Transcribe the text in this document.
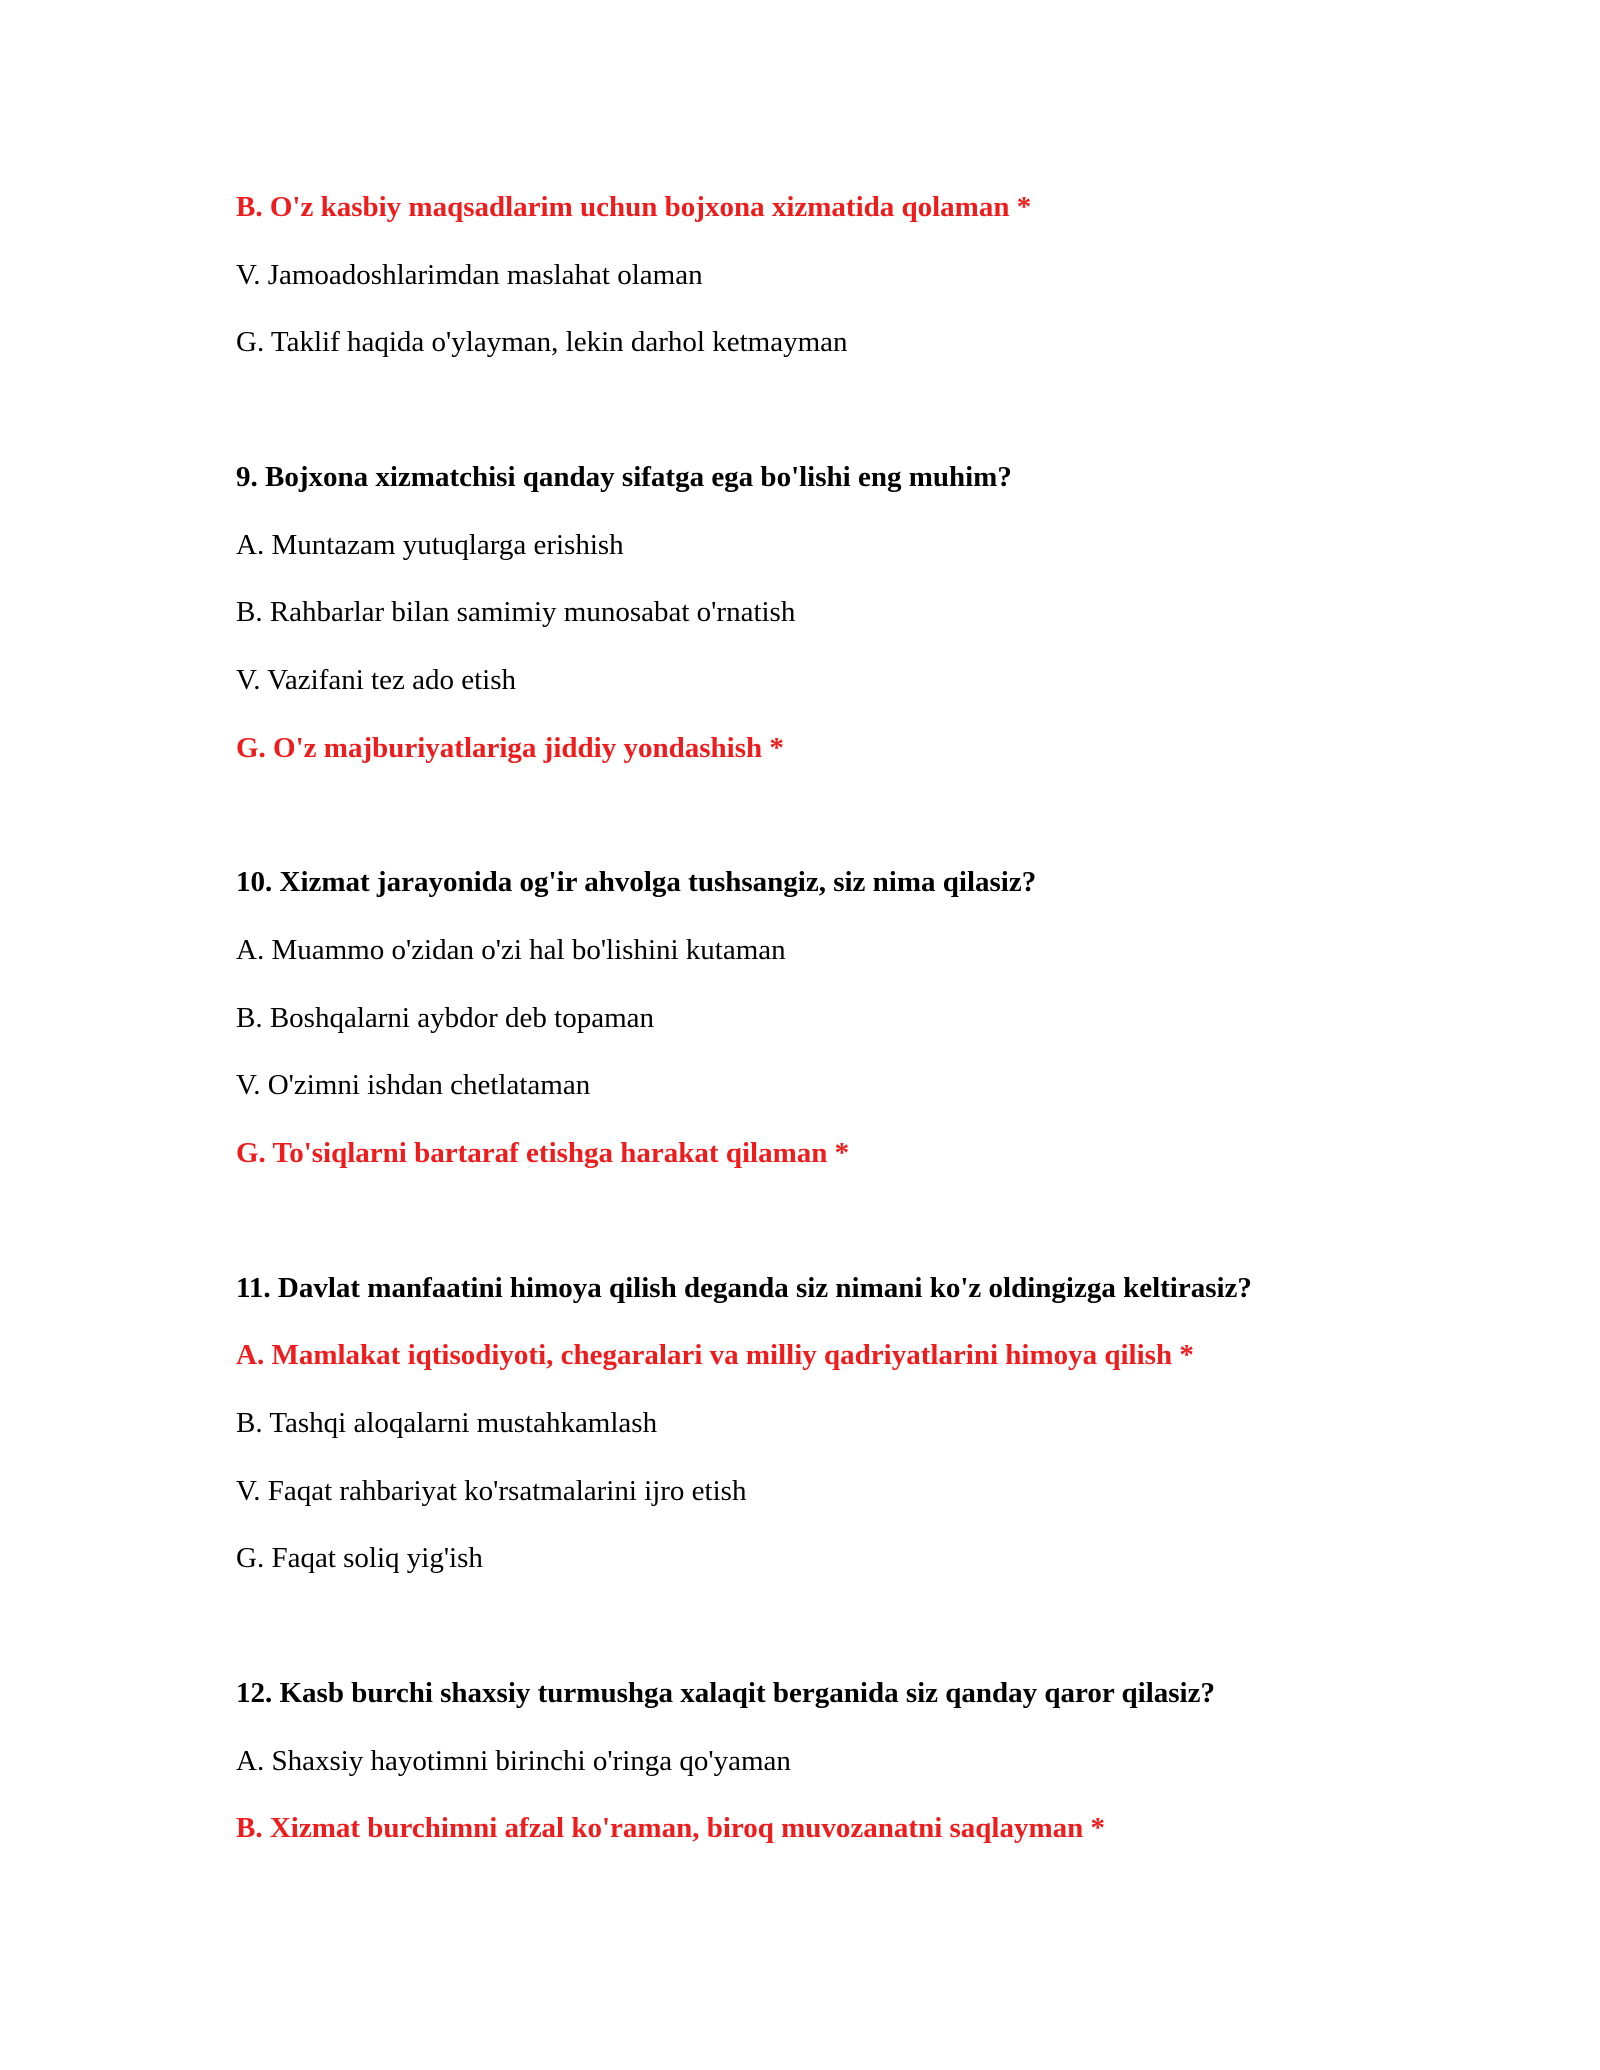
B. O'z kasbiy maqsadlarim uchun bojxona xizmatida qolaman *
V. Jamoadoshlarimdan maslahat olaman
G. Taklif haqida o'ylayman, lekin darhol ketmayman
9. Bojxona xizmatchisi qanday sifatga ega bo'lishi eng muhim?
A. Muntazam yutuqlarga erishish
B. Rahbarlar bilan samimiy munosabat o'rnatish
V. Vazifani tez ado etish
G. O'z majburiyatlariga jiddiy yondashish *
10. Xizmat jarayonida og'ir ahvolga tushsangiz, siz nima qilasiz?
A. Muammo o'zidan o'zi hal bo'lishini kutaman
B. Boshqalarni aybdor deb topaman
V. O'zimni ishdan chetlataman
G. To'siqlarni bartaraf etishga harakat qilaman *
11. Davlat manfaatini himoya qilish deganda siz nimani ko'z oldingizga keltirasiz?
A. Mamlakat iqtisodiyoti, chegaralari va milliy qadriyatlarini himoya qilish *
B. Tashqi aloqalarni mustahkamlash
V. Faqat rahbariyat ko'rsatmalarini ijro etish
G. Faqat soliq yig'ish
12. Kasb burchi shaxsiy turmushga xalaqit berganida siz qanday qaror qilasiz?
A. Shaxsiy hayotimni birinchi o'ringa qo'yaman
B. Xizmat burchimni afzal ko'raman, biroq muvozanatni saqlayman *
